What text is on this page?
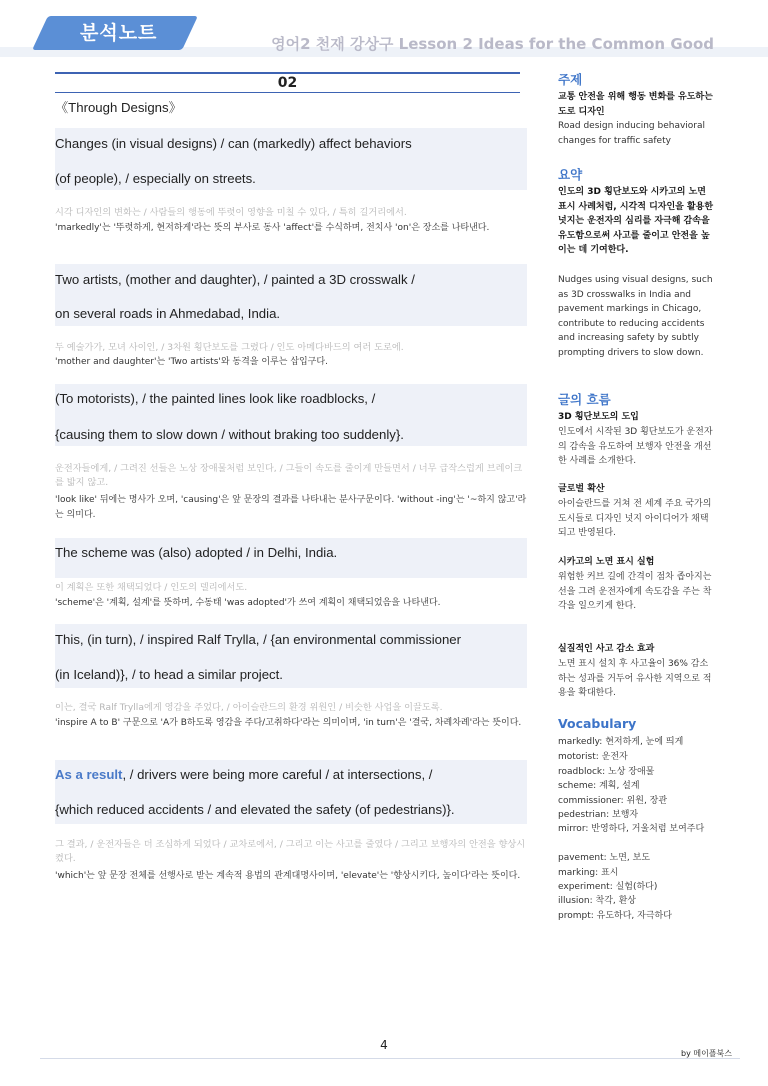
분석노트	영어2 천재 강상구 Lesson 2 Ideas for the Common Good
02
《Through Designs》
Changes (in visual designs) / can (markedly) affect behaviors
(of people), / especially on streets.
시각 디자인의 변화는 / 사람들의 행동에 뚜렷이 영향을 미칠 수 있다, / 특히 길거리에서.
'markedly'는 '뚜렷하게, 현저하게'라는 뜻의 부사로 동사 'affect'를 수식하며, 전치사 'on'은 장소를 나타낸다.
Two artists, (mother and daughter), / painted a 3D crosswalk /
on several roads in Ahmedabad, India.
두 예술가가, 모녀 사이인, / 3차원 횡단보도를 그렸다 / 인도 아메다바드의 여러 도로에.
'mother and daughter'는 'Two artists'와 동격을 이루는 삽입구다.
(To motorists), / the painted lines look like roadblocks, /
{causing them to slow down / without braking too suddenly}.
운전자들에게, / 그려진 선들은 노상 장애물처럼 보인다, / 그들이 속도를 줄이게 만들면서 / 너무 급작스럽게 브레이크를 밟지 않고.
'look like' 뒤에는 명사가 오며, 'causing'은 앞 문장의 결과를 나타내는 분사구문이다. 'without -ing'는 '~하지 않고'라는 의미다.
The scheme was (also) adopted / in Delhi, India.
이 계획은 또한 채택되었다 / 인도의 델리에서도.
'scheme'은 '계획, 설계'를 뜻하며, 수동태 'was adopted'가 쓰여 계획이 채택되었음을 나타낸다.
This, (in turn), / inspired Ralf Trylla, / {an environmental commissioner
(in Iceland)}, / to head a similar project.
이는, 결국 Ralf Trylla에게 영감을 주었다, / 아이슬란드의 환경 위원인 / 비슷한 사업을 이끌도록.
'inspire A to B' 구문으로 'A가 B하도록 영감을 주다/고취하다'라는 의미이며, 'in turn'은 '결국, 차례차례'라는 뜻이다.
As a result, / drivers were being more careful / at intersections, /
{which reduced accidents / and elevated the safety (of pedestrians)}.
그 결과, / 운전자들은 더 조심하게 되었다 / 교차로에서, / 그리고 이는 사고를 줄였다 / 그리고 보행자의 안전을 향상시켰다.
'which'는 앞 문장 전체를 선행사로 받는 계속적 용법의 관계대명사이며, 'elevate'는 '향상시키다, 높이다'라는 뜻이다.
주제
교통 안전을 위해 행동 변화를 유도하는 도로 디자인
Road design inducing behavioral changes for traffic safety
요약
인도의 3D 횡단보도와 시카고의 노면 표시 사례처럼, 시각적 디자인을 활용한 넛지는 운전자의 심리를 자극해 감속을 유도함으로써 사고를 줄이고 안전을 높이는 데 기여한다.
Nudges using visual designs, such as 3D crosswalks in India and pavement markings in Chicago, contribute to reducing accidents and increasing safety by subtly prompting drivers to slow down.
글의 흐름
3D 횡단보도의 도입
인도에서 시작된 3D 횡단보도가 운전자의 감속을 유도하여 보행자 안전을 개선한 사례를 소개한다.
글로벌 확산
아이슬란드를 거쳐 전 세계 주요 국가의 도시들로 디자인 넛지 아이디어가 채택되고 반영된다.
시카고의 노면 표시 실험
위험한 커브 길에 간격이 점차 좁아지는 선을 그려 운전자에게 속도감을 주는 착각을 일으키게 한다.
실질적인 사고 감소 효과
노면 표시 설치 후 사고율이 36% 감소하는 성과를 거두어 유사한 지역으로 적용을 확대한다.
Vocabulary
markedly: 현저하게, 눈에 띄게
motorist: 운전자
roadblock: 노상 장애물
scheme: 계획, 설계
commissioner: 위원, 장관
pedestrian: 보행자
mirror: 반영하다, 거울처럼 보여주다
pavement: 노면, 보도
marking: 표시
experiment: 실험(하다)
illusion: 착각, 환상
prompt: 유도하다, 자극하다
4
by 메이플북스
